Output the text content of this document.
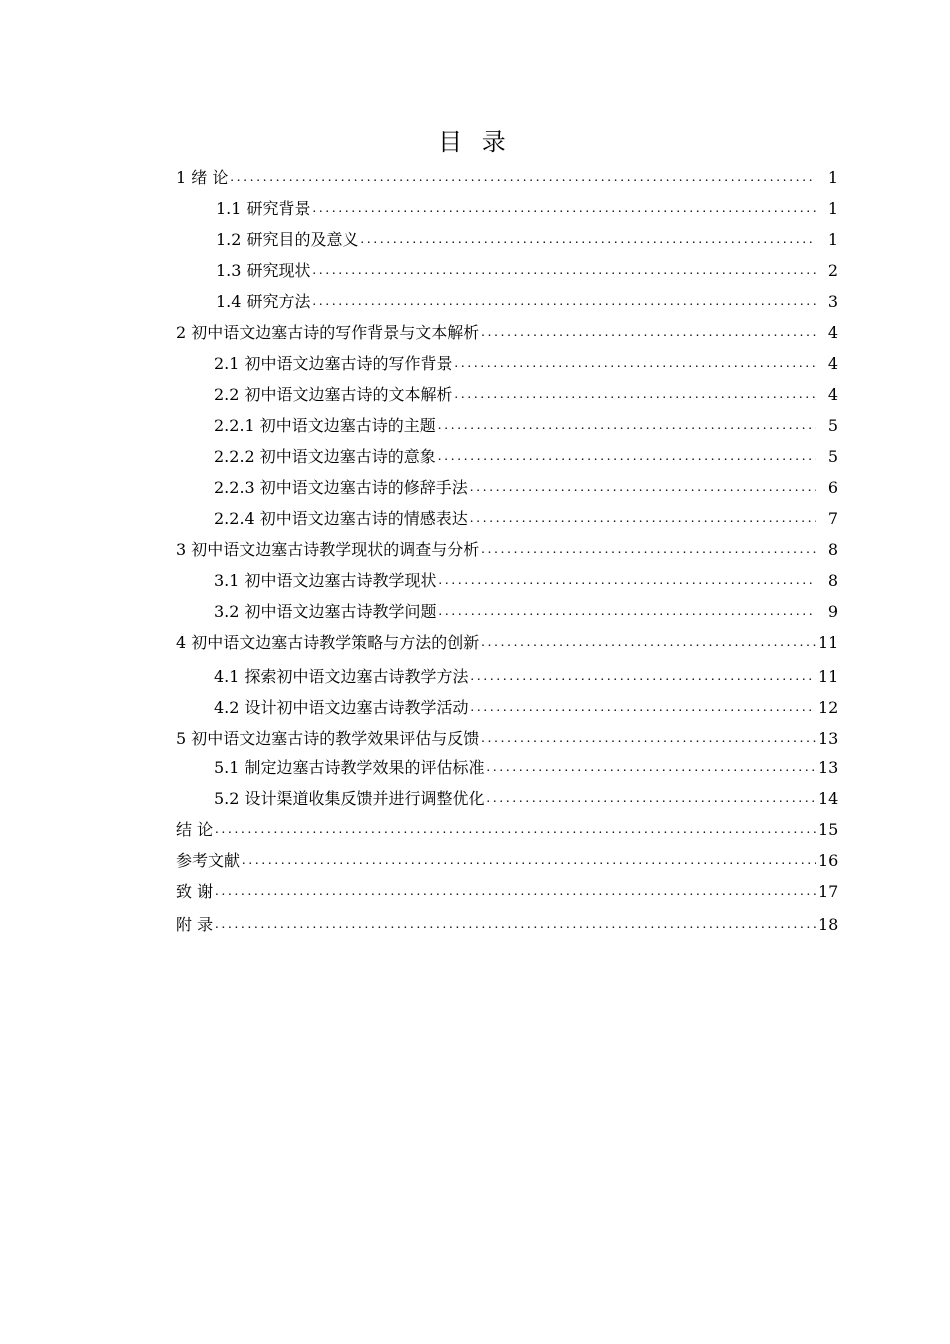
目 录
1 绪 论 .....	1
1.1 研究背景 .....	1
1.2 研究目的及意义 .....	1
1.3 研究现状 .....	2
1.4 研究方法 .....	3
2 初中语文边塞古诗的写作背景与文本解析 .....	4
2.1 初中语文边塞古诗的写作背景 .....	4
2.2 初中语文边塞古诗的文本解析 .....	4
2.2.1 初中语文边塞古诗的主题 .....	5
2.2.2 初中语文边塞古诗的意象 .....	5
2.2.3 初中语文边塞古诗的修辞手法 .....	6
2.2.4 初中语文边塞古诗的情感表达 .....	7
3 初中语文边塞古诗教学现状的调查与分析 .....	8
3.1 初中语文边塞古诗教学现状 .....	8
3.2 初中语文边塞古诗教学问题 .....	9
4 初中语文边塞古诗教学策略与方法的创新 .....	11
4.1 探索初中语文边塞古诗教学方法 .....	11
4.2 设计初中语文边塞古诗教学活动 .....	12
5 初中语文边塞古诗的教学效果评估与反馈 .....	13
5.1 制定边塞古诗教学效果的评估标准 .....	13
5.2 设计渠道收集反馈并进行调整优化 .....	14
结 论 .....	15
参考文献 .....	16
致 谢 .....	17
附 录 .....	18
